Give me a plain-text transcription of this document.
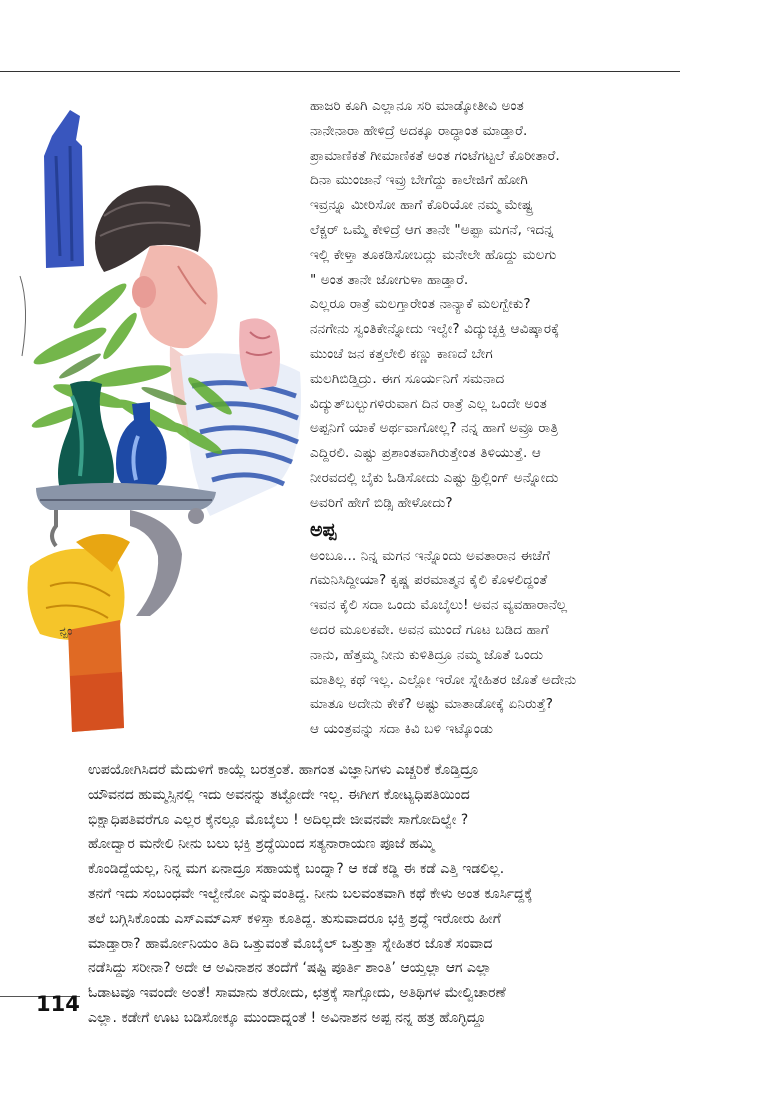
ನ್ಪಂ
ಹಾಜರಿ ಕೂಗಿ ಎಲ್ಲಾನೂ ಸರಿ ಮಾಡ್ಕೋತೀವಿ ಅಂತ
ನಾನೇನಾರಾ ಹೇಳಿದ್ರೆ ಅದಕ್ಕೂ ರಾದ್ಧಾಂತ ಮಾಡ್ತಾರೆ.
ಪ್ರಾಮಾಣಿಕತೆ ಗೀಮಾಣಿಕತೆ ಅಂತ ಗಂಟೆಗಟ್ಟಲೆ ಕೊರೀತಾರೆ.
ದಿನಾ ಮುಂಜಾನೆ ಇವ್ರು ಬೇಗೆದ್ದು ಕಾಲೇಜಿಗೆ ಹೋಗಿ
ಇವ್ರನ್ನೂ ಮೀರಿಸೋ ಹಾಗೆ ಕೊರಿಯೋ ನಮ್ಮ ಮೇಷ್ಟ್ರ
ಲೆಕ್ಚರ್ ಒಮ್ಮೆ ಕೇಳಿದ್ರೆ ಆಗ ತಾನೇ "ಅಪ್ಪಾ ಮಗನೆ, ಇದನ್ನ
ಇಲ್ಲಿ ಕೇಳ್ತಾ ತೂಕಡಿಸೋಬದ್ಲು ಮನೇಲೇ ಹೊದ್ದು ಮಲಗು
" ಅಂತ ತಾನೇ ಜೋಗುಳಾ ಹಾಡ್ತಾರೆ.
ಎಲ್ಲರೂ ರಾತ್ರೆ ಮಲಗ್ತಾರೇಂತ ನಾನ್ಯಾಕೆ ಮಲಗ್ಬೇಕು?
ನನಗೇನು ಸ್ವಂತಿಕೇನ್ನೋದು ಇಲ್ವೇ? ವಿದ್ಯುಚ್ಛಕ್ತಿ ಆವಿಷ್ಕಾರಕ್ಕೆ
ಮುಂಚೆ ಜನ ಕತ್ತಲೇಲಿ ಕಣ್ಣು ಕಾಣದೆ ಬೇಗ
ಮಲಗಿಬಿಡ್ತಿದ್ರು. ಈಗ ಸೂರ್ಯನಿಗೆ ಸಮನಾದ
ವಿದ್ಯುತ್‌ಬಲ್ಬುಗಳಿರುವಾಗ ದಿನ ರಾತ್ರೆ ಎಲ್ಲ ಒಂದೇ ಅಂತ
ಅಪ್ಪನಿಗೆ ಯಾಕೆ ಅರ್ಥವಾಗೋಲ್ಲ? ನನ್ನ ಹಾಗೆ ಅವ್ರೂ ರಾತ್ರಿ
ಎದ್ದಿರಲಿ. ಎಷ್ಟು ಪ್ರಶಾಂತವಾಗಿರುತ್ತೇಂತ ತಿಳಿಯುತ್ತೆ. ಆ
ನೀರವದಲ್ಲಿ ಬೈಕು ಓಡಿಸೋದು ಎಷ್ಟು ಥ್ರಿಲ್ಲಿಂಗ್ ಅನ್ನೋದು
ಅವರಿಗೆ ಹೇಗೆ ಬಿಡ್ಸಿ ಹೇಳೋದು?
ಅಪ್ಪ
ಅಂಬೂ... ನಿನ್ನ ಮಗನ ಇನ್ನೊಂದು ಅವತಾರಾನ ಈಚೆಗೆ
ಗಮನಿಸಿದ್ದೀಯಾ? ಕೃಷ್ಣ ಪರಮಾತ್ಮನ ಕೈಲಿ ಕೊಳಲಿದ್ದಂತೆ
ಇವನ ಕೈಲಿ ಸದಾ ಒಂದು ಮೊಬೈಲು! ಅವನ ವ್ಯವಹಾರಾನೆಲ್ಲ
ಅದರ ಮೂಲಕವೇ. ಅವನ ಮುಂದೆ ಗೂಟ ಬಡಿದ ಹಾಗೆ
ನಾನು, ಹೆತ್ತಮ್ಮ ನೀನು ಕುಳಿತಿದ್ರೂ ನಮ್ಮ ಜೊತೆ ಒಂದು
ಮಾತಿಲ್ಲ ಕಥೆ ಇಲ್ಲ. ಎಲ್ಲೋ ಇರೋ ಸ್ನೇಹಿತರ ಜೊತೆ ಅದೇನು
ಮಾತೂ ಅದೇನು ಕೇಕೆ? ಅಷ್ಟು ಮಾತಾಡೋಕ್ಕೆ ಏನಿರುತ್ತೆ?
ಆ ಯಂತ್ರವನ್ನು ಸದಾ ಕಿವಿ ಬಳಿ ಇಟ್ಕೊಂಡು
ಉಪಯೋಗಿಸಿದರೆ ಮೆದುಳಿಗೆ ಕಾಯ್ಲೆ ಬರತ್ತಂತೆ. ಹಾಗಂತ ವಿಜ್ಞಾನಿಗಳು ಎಚ್ಚರಿಕೆ ಕೊಡ್ತಿದ್ರೂ
ಯೌವನದ ಹುಮ್ಮಸ್ಸಿನಲ್ಲಿ ಇದು ಅವನನ್ನು ತಟ್ಟೋದೇ ಇಲ್ಲ. ಈಗೀಗ ಕೋಟ್ಯಧಿಪತಿಯಿಂದ
ಭಿಕ್ಷಾಧಿಪತಿವರೆಗೂ ಎಲ್ಲರ ಕೈನಲ್ಲೂ ಮೊಬೈಲು ! ಅದಿಲ್ಲದೇ ಜೀವನವೇ ಸಾಗೋದಿಲ್ವೇ ?
ಹೋದ್ವಾರ ಮನೇಲಿ ನೀನು ಬಲು ಭಕ್ತಿ ಶ್ರದ್ಧೆಯಿಂದ ಸತ್ಯನಾರಾಯಣ ಪೂಜೆ ಹಮ್ಮಿ
ಕೊಂಡಿದ್ದೆಯಲ್ಲ, ನಿನ್ನ ಮಗ ಏನಾದ್ರೂ ಸಹಾಯಕ್ಕೆ ಬಂದ್ನಾ? ಆ ಕಡೆ ಕಡ್ಡಿ ಈ ಕಡೆ ಎತ್ತಿ ಇಡಲಿಲ್ಲ.
ತನಗೆ ಇದು ಸಂಬಂಧವೇ ಇಲ್ವೇನೋ ಎನ್ನುವಂತಿದ್ದ. ನೀನು ಬಲವಂತವಾಗಿ ಕಥೆ ಕೇಳು ಅಂತ ಕೂರ್ಸಿದ್ದಕ್ಕೆ
ತಲೆ ಬಗ್ಗಿಸಿಕೊಂಡು ಎಸ್‌ಎಮ್‌ಎಸ್ ಕಳಿಸ್ತಾ ಕೂತಿದ್ದ. ತುಸುವಾದರೂ ಭಕ್ತಿ ಶ್ರದ್ಧೆ ಇರೋರು ಹೀಗೆ
ಮಾಡ್ತಾರಾ? ಹಾರ್ಮೋನಿಯಂ ತಿದಿ ಒತ್ತುವಂತೆ ಮೊಬೈಲ್ ಒತ್ತುತ್ತಾ ಸ್ನೇಹಿತರ ಜೊತೆ ಸಂವಾದ
ನಡೆಸಿದ್ದು ಸರೀನಾ? ಅದೇ ಆ ಅವಿನಾಶನ ತಂದೆಗೆ ‘ಷಷ್ಟಿ ಪೂರ್ತಿ ಶಾಂತಿ’ ಆಯ್ತಲ್ಲಾ ಆಗ ಎಲ್ಲಾ
ಓಡಾಟವೂ ಇವಂದೇ ಅಂತೆ! ಸಾಮಾನು ತರೋದು, ಛತ್ರಕ್ಕೆ ಸಾಗ್ಸೋದು, ಅತಿಥಿಗಳ ಮೇಲ್ವಿಚಾರಣೆ
ಎಲ್ಲಾ. ಕಡೇಗೆ ಊಟ ಬಡಿಸೋಕ್ಕೂ ಮುಂದಾದ್ನಂತೆ ! ಅವಿನಾಶನ ಅಪ್ಪ ನನ್ನ ಹತ್ರ ಹೊಗ್ಳಿದ್ದೂ
114
